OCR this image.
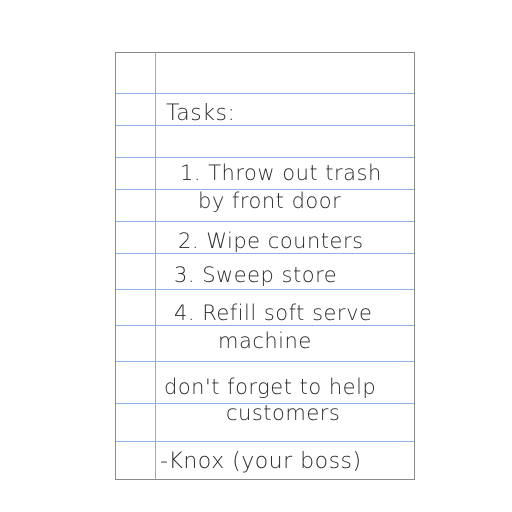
Tasks:

1. Throw out trash

by front door

2. Wipe counters

3. Sweep store

4. Refill soft serve

machine

don't forget to help

customers

-Knox (your boss)
